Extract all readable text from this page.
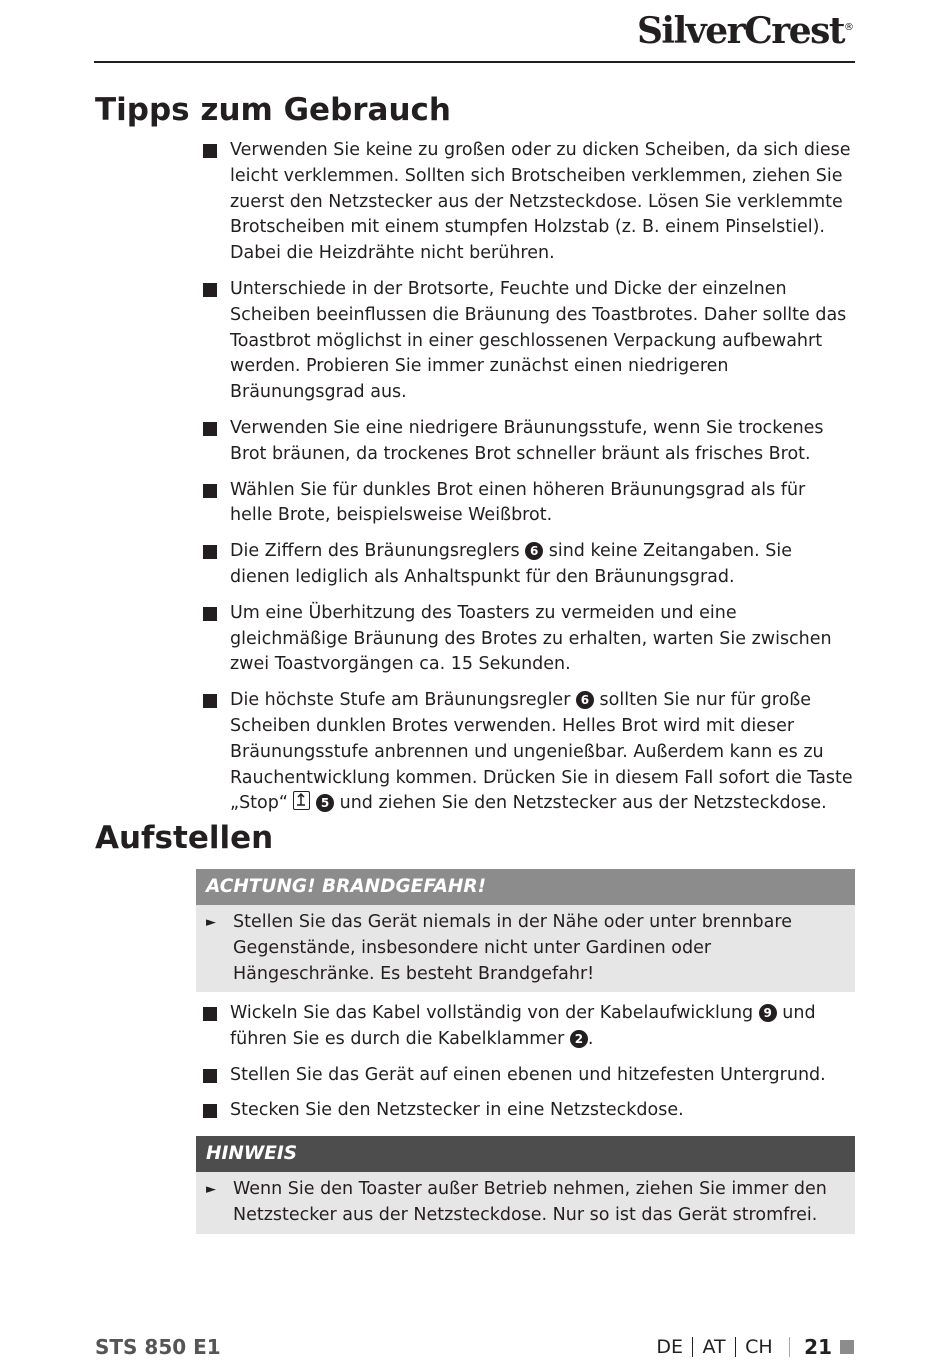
SilverCrest®
Tipps zum Gebrauch
Verwenden Sie keine zu großen oder zu dicken Scheiben, da sich diese leicht verklemmen. Sollten sich Brotscheiben verklemmen, ziehen Sie zuerst den Netzstecker aus der Netzsteckdose. Lösen Sie verklemmte Brotscheiben mit einem stumpfen Holzstab (z. B. einem Pinselstiel). Dabei die Heizdrähte nicht berühren.
Unterschiede in der Brotsorte, Feuchte und Dicke der einzelnen Scheiben beeinflussen die Bräunung des Toastbrotes. Daher sollte das Toastbrot möglichst in einer geschlossenen Verpackung aufbewahrt werden. Probieren Sie immer zunächst einen niedrigeren Bräunungsgrad aus.
Verwenden Sie eine niedrigere Bräunungsstufe, wenn Sie trockenes Brot bräunen, da trockenes Brot schneller bräunt als frisches Brot.
Wählen Sie für dunkles Brot einen höheren Bräunungsgrad als für helle Brote, beispielsweise Weißbrot.
Die Ziffern des Bräunungsreglers 6 sind keine Zeitangaben. Sie dienen lediglich als Anhaltspunkt für den Bräunungsgrad.
Um eine Überhitzung des Toasters zu vermeiden und eine gleichmäßige Bräunung des Brotes zu erhalten, warten Sie zwischen zwei Toastvorgängen ca. 15 Sekunden.
Die höchste Stufe am Bräunungsregler 6 sollten Sie nur für große Scheiben dunklen Brotes verwenden. Helles Brot wird mit dieser Bräunungsstufe anbrennen und ungenießbar. Außerdem kann es zu Rauchentwicklung kommen. Drücken Sie in diesem Fall sofort die Taste „Stop“
5 und ziehen Sie den Netzstecker aus der Netzsteckdose.
Aufstellen
ACHTUNG! BRANDGEFAHR!
► Stellen Sie das Gerät niemals in der Nähe oder unter brennbare Gegenstände, insbesondere nicht unter Gardinen oder Hängeschränke. Es besteht Brandgefahr!
Wickeln Sie das Kabel vollständig von der Kabelaufwicklung 9 und führen Sie es durch die Kabelklammer 2 .
Stellen Sie das Gerät auf einen ebenen und hitzefesten Untergrund.
Stecken Sie den Netzstecker in eine Netzsteckdose.
HINWEIS
► Wenn Sie den Toaster außer Betrieb nehmen, ziehen Sie immer den Netzstecker aus der Netzsteckdose. Nur so ist das Gerät stromfrei.
STS 850 E1	DE AT CH 21
